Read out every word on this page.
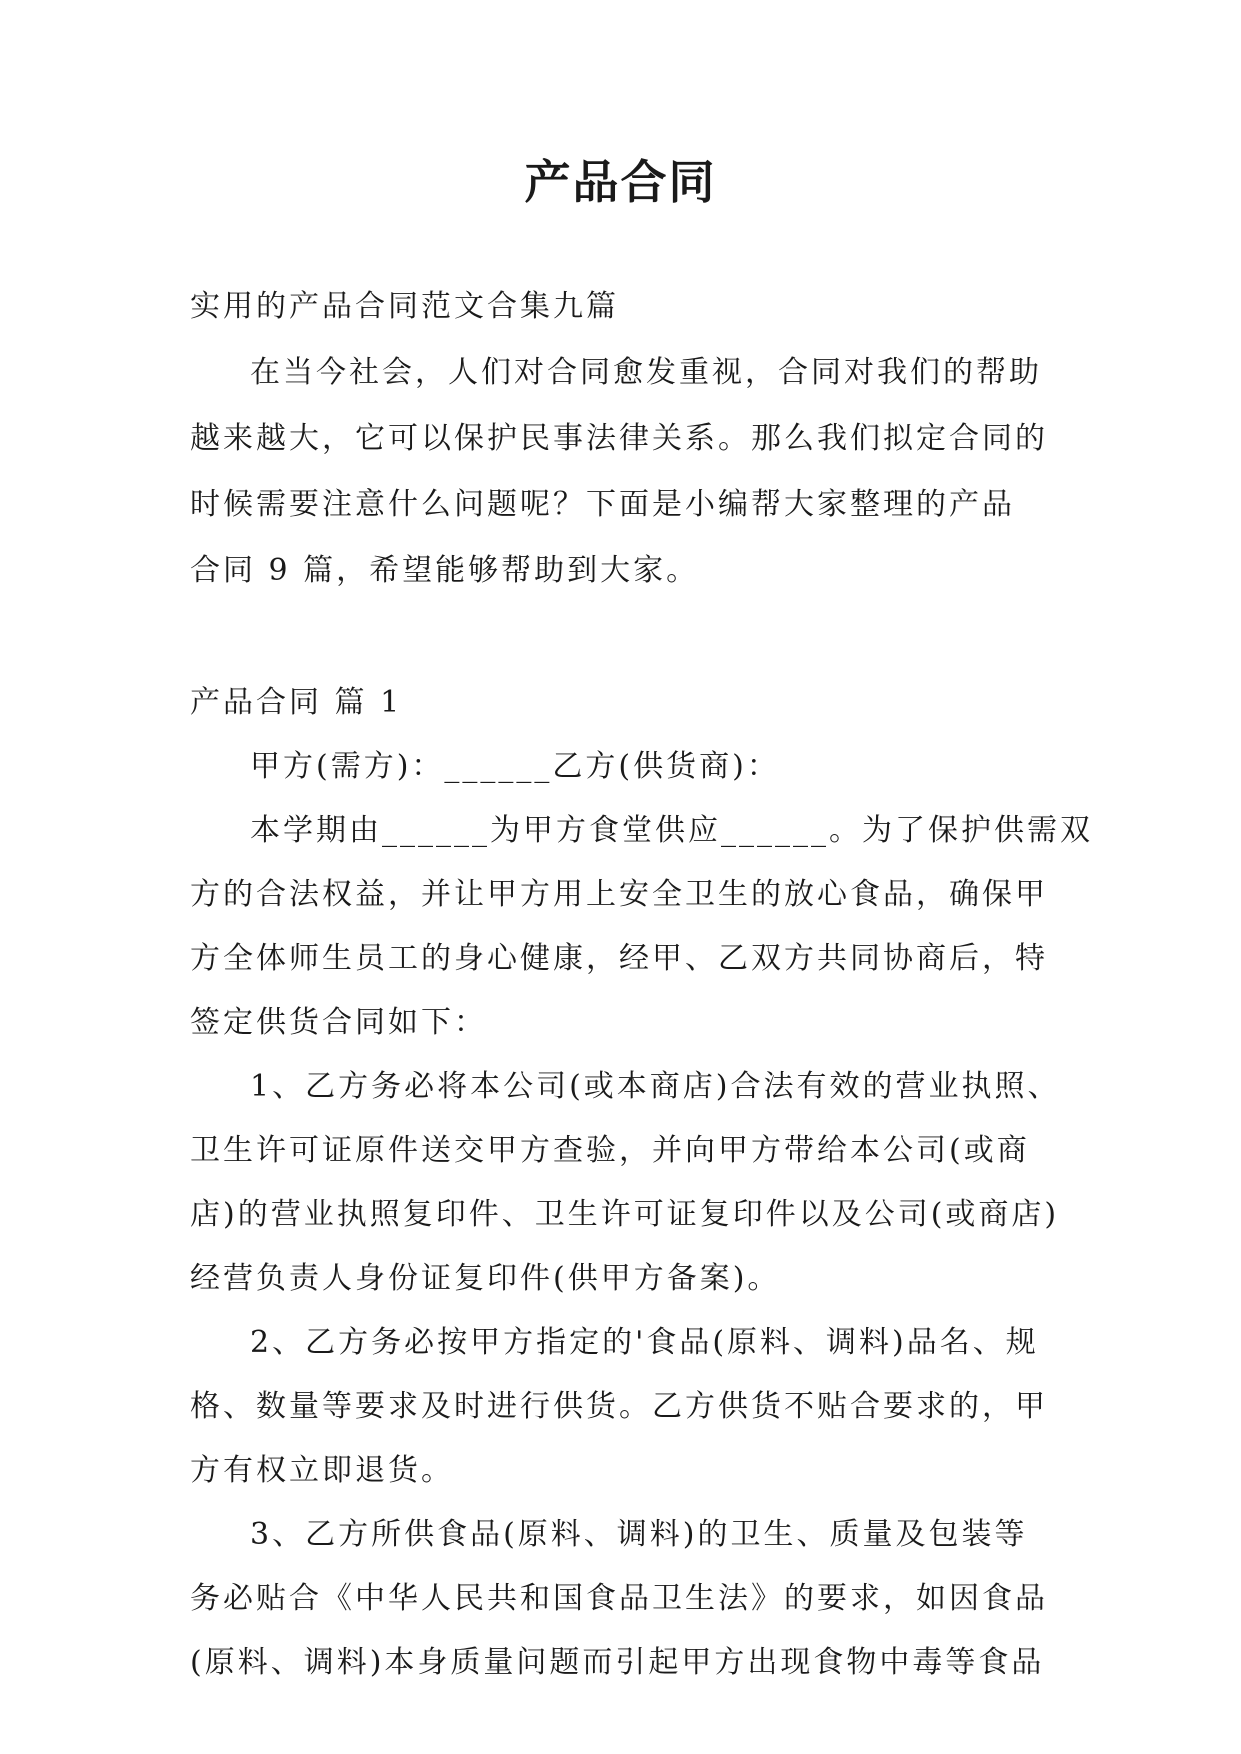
产品合同

实用的产品合同范文合集九篇

在当今社会，人们对合同愈发重视，合同对我们的帮助

越来越大，它可以保护民事法律关系。那么我们拟定合同的

时候需要注意什么问题呢？下面是小编帮大家整理的产品

合同 9 篇，希望能够帮助到大家。

产品合同 篇 1

甲方(需方)：______乙方(供货商)：

本学期由______为甲方食堂供应______。为了保护供需双

方的合法权益，并让甲方用上安全卫生的放心食品，确保甲

方全体师生员工的身心健康，经甲、乙双方共同协商后，特

签定供货合同如下：

1、乙方务必将本公司(或本商店)合法有效的营业执照、

卫生许可证原件送交甲方查验，并向甲方带给本公司(或商

店)的营业执照复印件、卫生许可证复印件以及公司(或商店)

经营负责人身份证复印件(供甲方备案)。

2、乙方务必按甲方指定的'食品(原料、调料)品名、规

格、数量等要求及时进行供货。乙方供货不贴合要求的，甲

方有权立即退货。

3、乙方所供食品(原料、调料)的卫生、质量及包装等

务必贴合《中华人民共和国食品卫生法》的要求，如因食品

(原料、调料)本身质量问题而引起甲方出现食物中毒等食品
